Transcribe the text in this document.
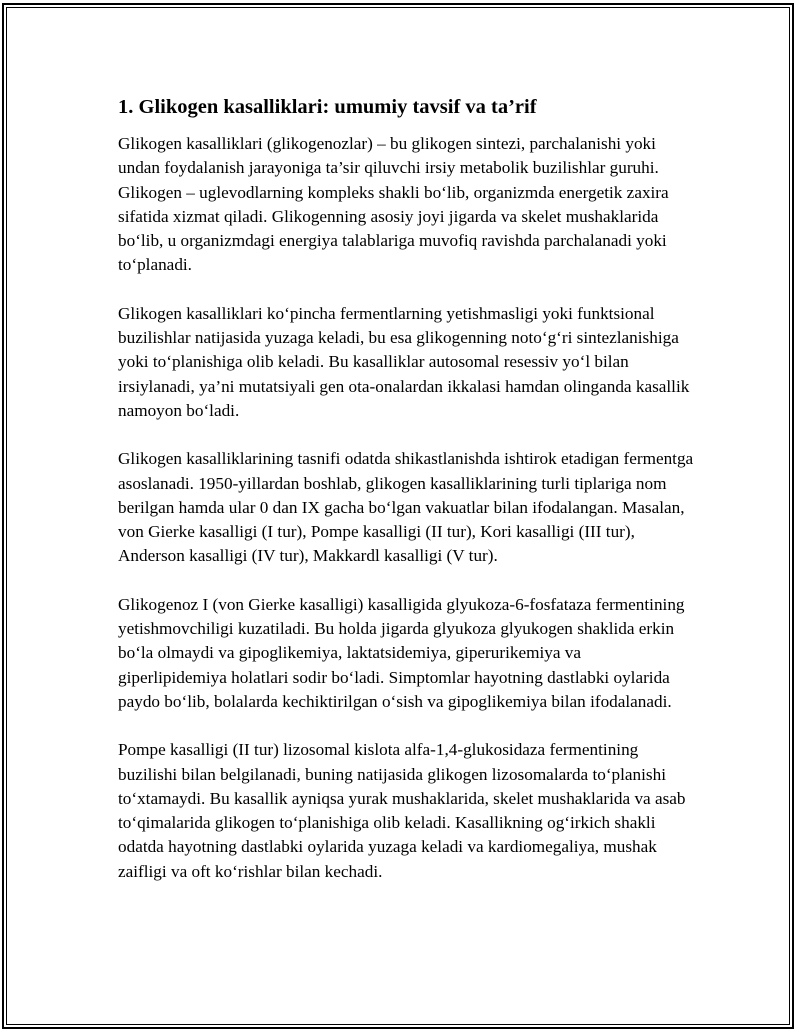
1. Glikogen kasalliklari: umumiy tavsif va ta’rif

Glikogen kasalliklari (glikogenozlar) – bu glikogen sintezi, parchalanishi yoki undan foydalanish jarayoniga ta’sir qiluvchi irsiy metabolik buzilishlar guruhi. Glikogen – uglevodlarning kompleks shakli bo‘lib, organizmda energetik zaxira sifatida xizmat qiladi. Glikogenning asosiy joyi jigarda va skelet mushaklarida bo‘lib, u organizmdagi energiya talablariga muvofiq ravishda parchalanadi yoki to‘planadi.

Glikogen kasalliklari ko‘pincha fermentlarning yetishmasligi yoki funktsional buzilishlar natijasida yuzaga keladi, bu esa glikogenning noto‘g‘ri sintezlanishiga yoki to‘planishiga olib keladi. Bu kasalliklar autosomal resessiv yo‘l bilan irsiylanadi, ya’ni mutatsiyali gen ota-onalardan ikkalasi hamdan olinganda kasallik namoyon bo‘ladi.

Glikogen kasalliklarining tasnifi odatda shikastlanishda ishtirok etadigan fermentga asoslanadi. 1950-yillardan boshlab, glikogen kasalliklarining turli tiplariga nom berilgan hamda ular 0 dan IX gacha bo‘lgan vakuatlar bilan ifodalangan. Masalan, von Gierke kasalligi (I tur), Pompe kasalligi (II tur), Kori kasalligi (III tur), Anderson kasalligi (IV tur), Makkardl kasalligi (V tur).

Glikogenoz I (von Gierke kasalligi) kasalligida glyukoza-6-fosfataza fermentining yetishmovchiligi kuzatiladi. Bu holda jigarda glyukoza glyukogen shaklida erkin bo‘la olmaydi va gipoglikemiya, laktatsidemiya, giperurikemiya va giperlipidemiya holatlari sodir bo‘ladi. Simptomlar hayotning dastlabki oylarida paydo bo‘lib, bolalarda kechiktirilgan o‘sish va gipoglikemiya bilan ifodalanadi.

Pompe kasalligi (II tur) lizosomal kislota alfa-1,4-glukosidaza fermentining buzilishi bilan belgilanadi, buning natijasida glikogen lizosomalarda to‘planishi to‘xtamaydi. Bu kasallik ayniqsa yurak mushaklarida, skelet mushaklarida va asab to‘qimalarida glikogen to‘planishiga olib keladi. Kasallikning og‘irkich shakli odatda hayotning dastlabki oylarida yuzaga keladi va kardiomegaliya, mushak zaifligi va oft ko‘rishlar bilan kechadi.
